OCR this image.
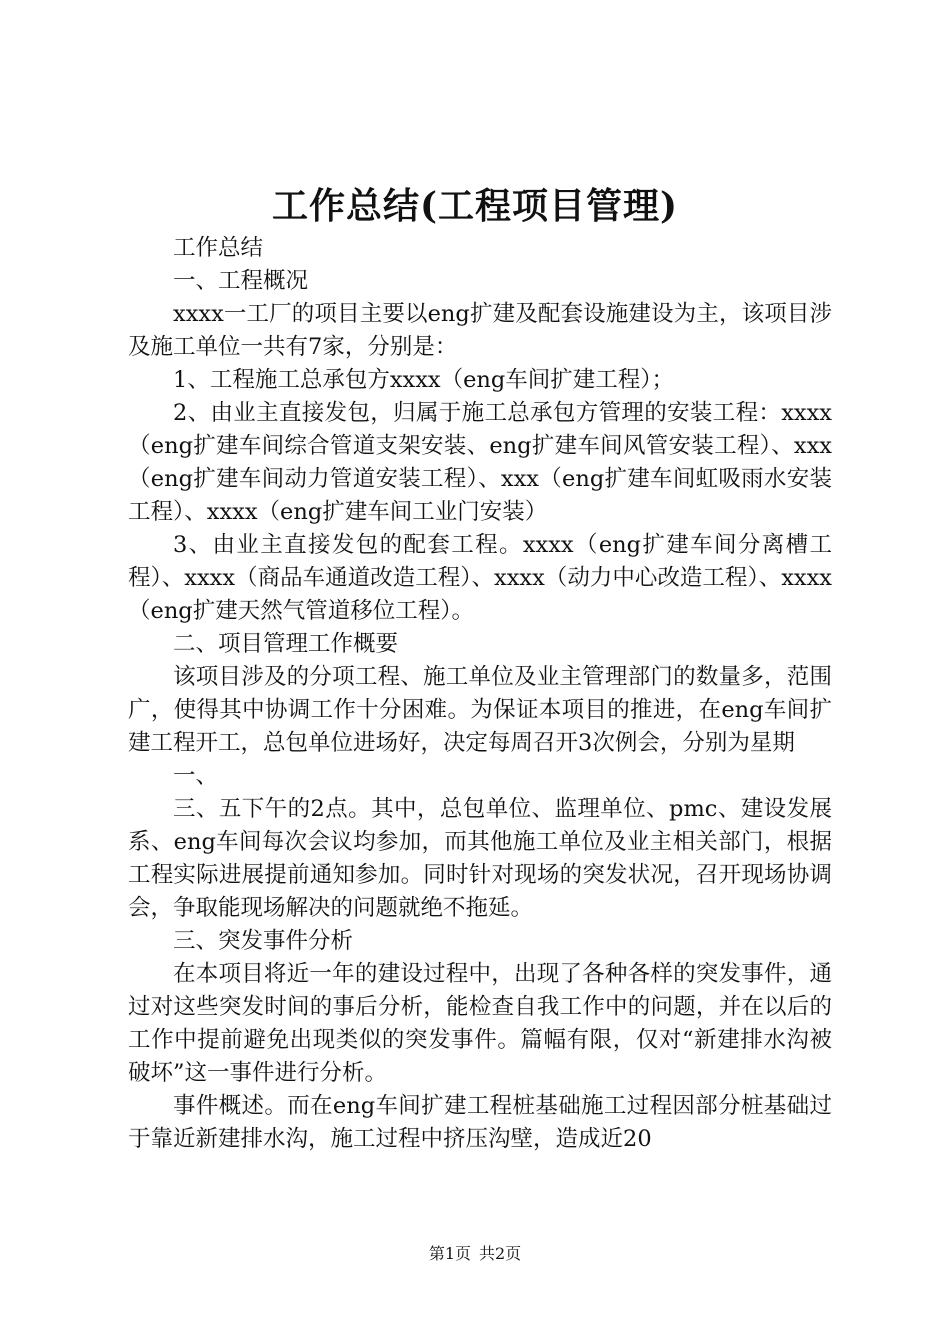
工作总结(工程项目管理)

工作总结

一、工程概况

xxxx一工厂的项目主要以eng扩建及配套设施建设为主，该项目涉及施工单位一共有7家，分别是：

1、工程施工总承包方xxxx（eng车间扩建工程）；

2、由业主直接发包，归属于施工总承包方管理的安装工程：xxxx（eng扩建车间综合管道支架安装、eng扩建车间风管安装工程）、xxx（eng扩建车间动力管道安装工程）、xxx（eng扩建车间虹吸雨水安装工程）、xxxx（eng扩建车间工业门安装）

3、由业主直接发包的配套工程。xxxx（eng扩建车间分离槽工程）、xxxx（商品车通道改造工程）、xxxx（动力中心改造工程）、xxxx（eng扩建天然气管道移位工程）。

二、项目管理工作概要

该项目涉及的分项工程、施工单位及业主管理部门的数量多，范围广，使得其中协调工作十分困难。为保证本项目的推进，在eng车间扩建工程开工，总包单位进场好，决定每周召开3次例会，分别为星期

一、

三、五下午的2点。其中，总包单位、监理单位、pmc、建设发展系、eng车间每次会议均参加，而其他施工单位及业主相关部门，根据工程实际进展提前通知参加。同时针对现场的突发状况，召开现场协调会，争取能现场解决的问题就绝不拖延。

三、突发事件分析

在本项目将近一年的建设过程中，出现了各种各样的突发事件，通过对这些突发时间的事后分析，能检查自我工作中的问题，并在以后的工作中提前避免出现类似的突发事件。篇幅有限，仅对“新建排水沟被破坏”这一事件进行分析。

事件概述。而在eng车间扩建工程桩基础施工过程因部分桩基础过于靠近新建排水沟，施工过程中挤压沟壁，造成近20

第1页 共2页
